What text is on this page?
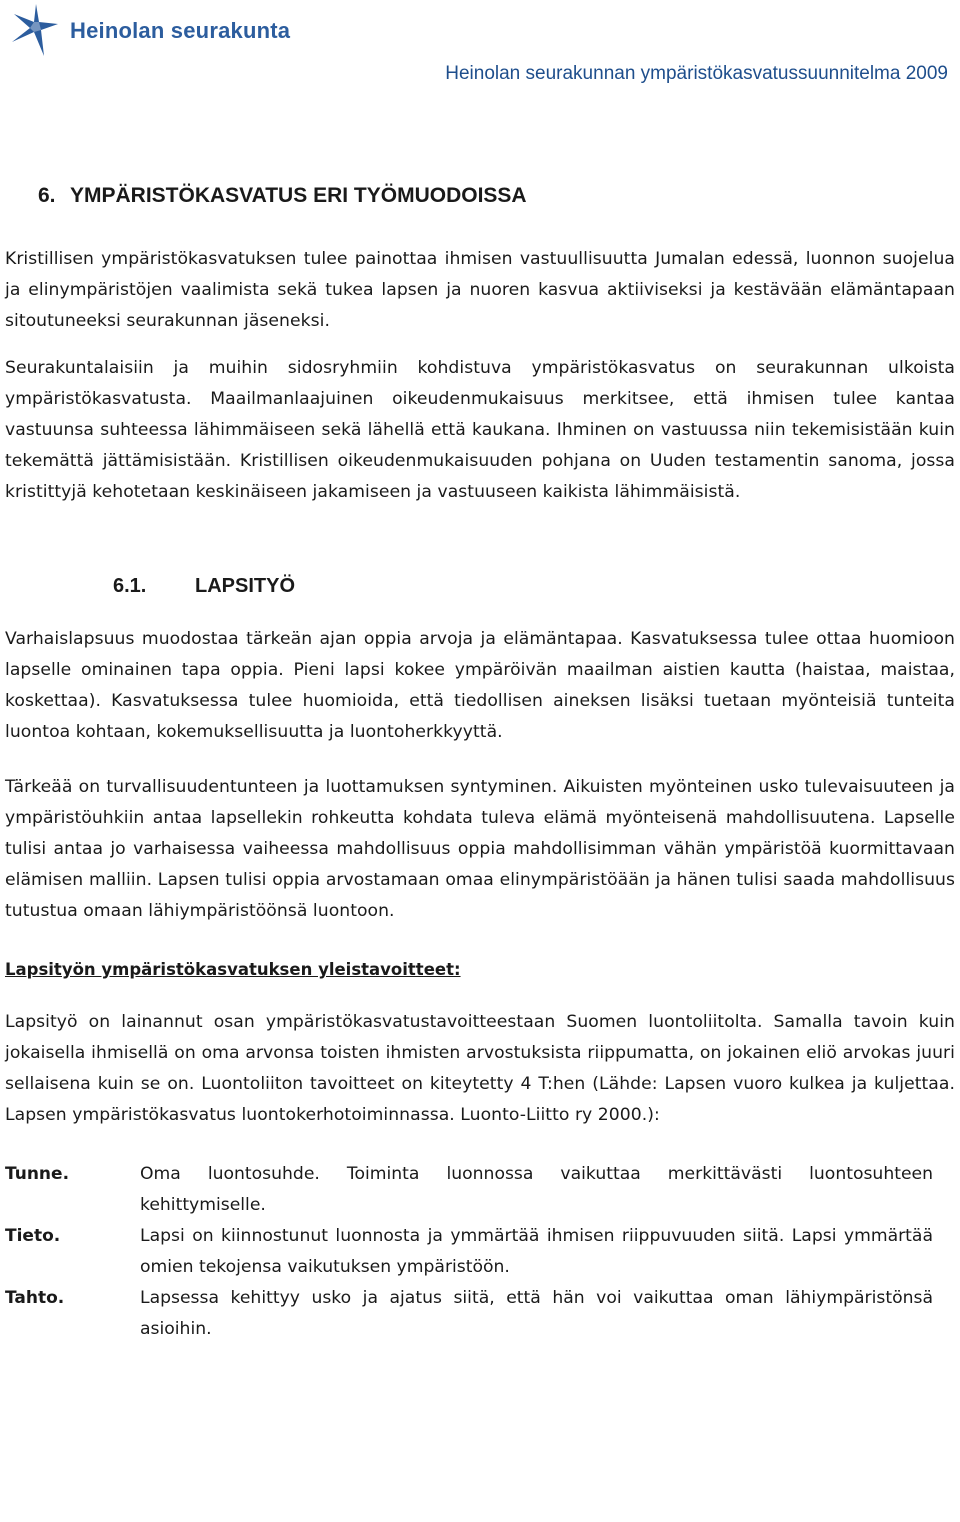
Heinolan seurakunta
Heinolan seurakunnan ympäristökasvatussuunnitelma 2009
6. YMPÄRISTÖKASVATUS ERI TYÖMUODOISSA

Kristillisen ympäristökasvatuksen tulee painottaa ihmisen vastuullisuutta Jumalan edessä, luonnon suojelua ja elinympäristöjen vaalimista sekä tukea lapsen ja nuoren kasvua aktiiviseksi ja kestävään elämäntapaan sitoutuneeksi seurakunnan jäseneksi.

Seurakuntalaisiin ja muihin sidosryhmiin kohdistuva ympäristökasvatus on seurakunnan ulkoista ympäristökasvatusta. Maailmanlaajuinen oikeudenmukaisuus merkitsee, että ihmisen tulee kantaa vastuunsa suhteessa lähimmäiseen sekä lähellä että kaukana. Ihminen on vastuussa niin tekemisistään kuin tekemättä jättämisistään. Kristillisen oikeudenmukaisuuden pohjana on Uuden testamentin sanoma, jossa kristittyjä kehotetaan keskinäiseen jakamiseen ja vastuuseen kaikista lähimmäisistä.

6.1. LAPSITYÖ

Varhaislapsuus muodostaa tärkeän ajan oppia arvoja ja elämäntapaa. Kasvatuksessa tulee ottaa huomioon lapselle ominainen tapa oppia. Pieni lapsi kokee ympäröivän maailman aistien kautta (haistaa, maistaa, koskettaa). Kasvatuksessa tulee huomioida, että tiedollisen aineksen lisäksi tuetaan myönteisiä tunteita luontoa kohtaan, kokemuksellisuutta ja luontoherkkyyttä.

Tärkeää on turvallisuudentunteen ja luottamuksen syntyminen. Aikuisten myönteinen usko tulevaisuuteen ja ympäristöuhkiin antaa lapsellekin rohkeutta kohdata tuleva elämä myönteisenä mahdollisuutena. Lapselle tulisi antaa jo varhaisessa vaiheessa mahdollisuus oppia mahdollisimman vähän ympäristöä kuormittavaan elämisen malliin. Lapsen tulisi oppia arvostamaan omaa elinympäristöään ja hänen tulisi saada mahdollisuus tutustua omaan lähiympäristöönsä luontoon.

Lapsityön ympäristökasvatuksen yleistavoitteet:

Lapsityö on lainannut osan ympäristökasvatustavoitteestaan Suomen luontoliitolta. Samalla tavoin kuin jokaisella ihmisellä on oma arvonsa toisten ihmisten arvostuksista riippumatta, on jokainen eliö arvokas juuri sellaisena kuin se on. Luontoliiton tavoitteet on kiteytetty 4 T:hen (Lähde: Lapsen vuoro kulkea ja kuljettaa. Lapsen ympäristökasvatus luontokerhotoiminnassa. Luonto-Liitto ry 2000.):

Tunne.	Oma luontosuhde. Toiminta luonnossa vaikuttaa merkittävästi luontosuhteen kehittymiselle.
Tieto.	Lapsi on kiinnostunut luonnosta ja ymmärtää ihmisen riippuvuuden siitä. Lapsi ymmärtää omien tekojensa vaikutuksen ympäristöön.
Tahto.	Lapsessa kehittyy usko ja ajatus siitä, että hän voi vaikuttaa oman lähiympäristönsä asioihin.
